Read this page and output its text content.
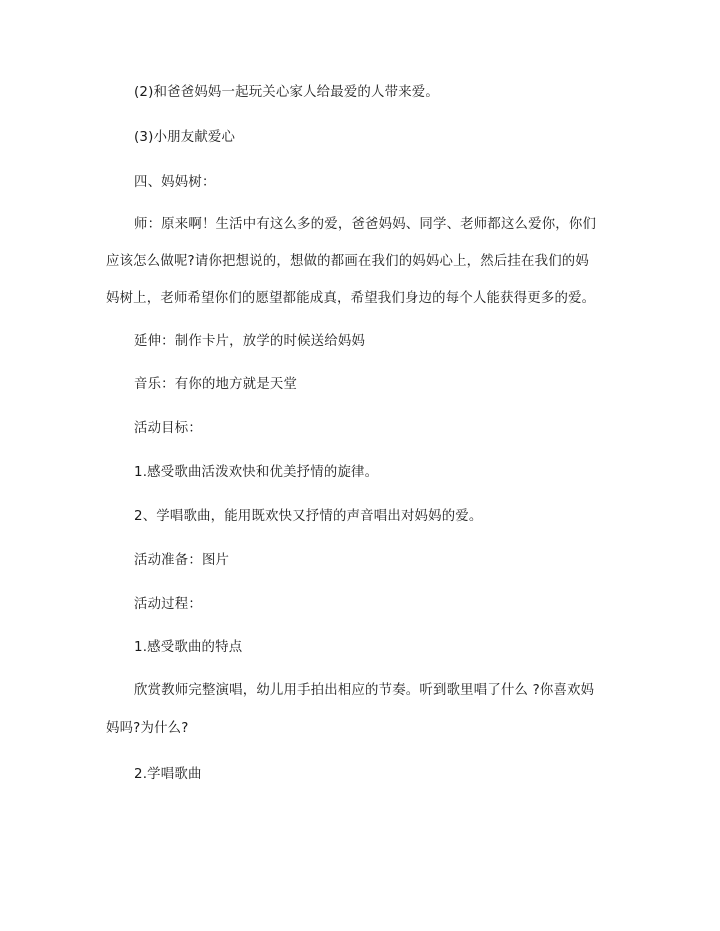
(2)和爸爸妈妈一起玩关心家人给最爱的人带来爱。
(3)小朋友献爱心
四、妈妈树：
师：原来啊！生活中有这么多的爱，爸爸妈妈、同学、老师都这么爱你，你们
应该怎么做呢?请你把想说的，想做的都画在我们的妈妈心上，然后挂在我们的妈
妈树上，老师希望你们的愿望都能成真，希望我们身边的每个人能获得更多的爱。
延伸：制作卡片，放学的时候送给妈妈
音乐：有你的地方就是天堂
活动目标：
1.感受歌曲活泼欢快和优美抒情的旋律。
2、学唱歌曲，能用既欢快又抒情的声音唱出对妈妈的爱。
活动准备：图片
活动过程：
1.感受歌曲的特点
欣赏教师完整演唱，幼儿用手拍出相应的节奏。听到歌里唱了什么 ?你喜欢妈
妈吗?为什么?
2.学唱歌曲
